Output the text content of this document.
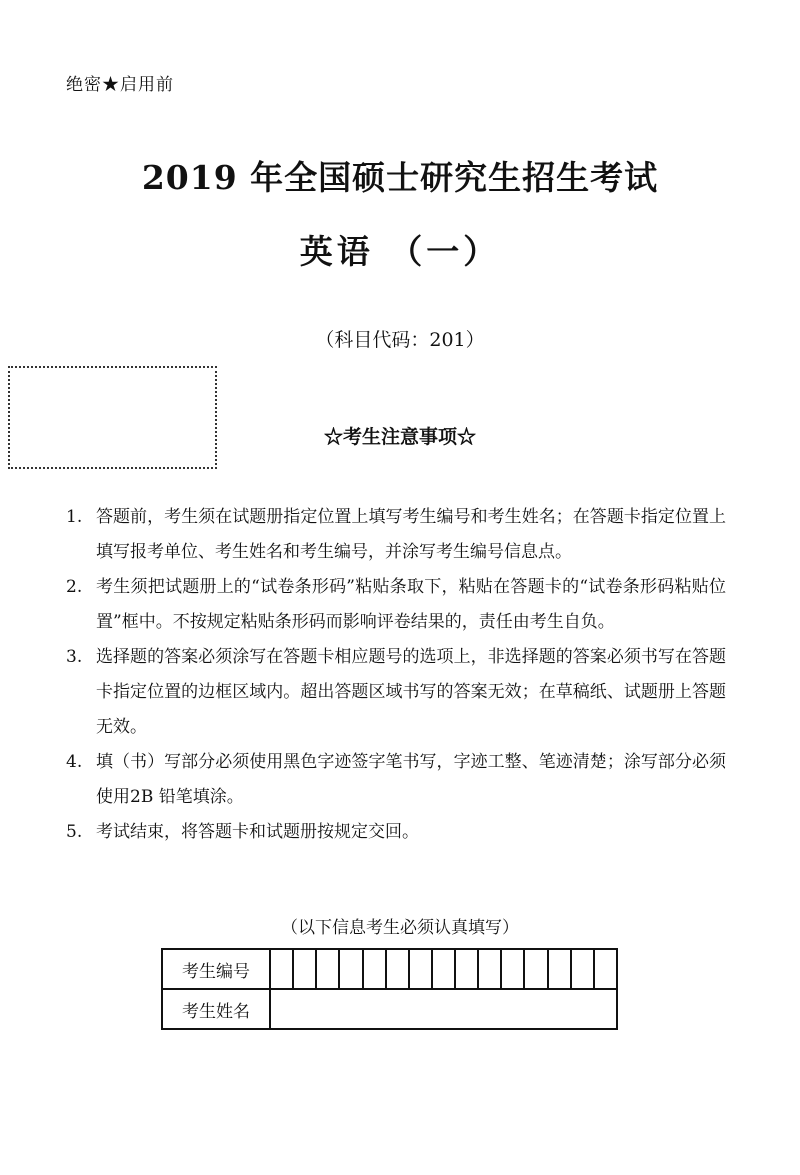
绝密★启用前
2019 年全国硕士研究生招生考试
英语 （一）
（科目代码：201）
☆考生注意事项☆
1. 答题前，考生须在试题册指定位置上填写考生编号和考生姓名；在答题卡指定位置上填写报考单位、考生姓名和考生编号，并涂写考生编号信息点。
2. 考生须把试题册上的“试卷条形码”粘贴条取下，粘贴在答题卡的“试卷条形码粘贴位置”框中。不按规定粘贴条形码而影响评卷结果的，责任由考生自负。
3. 选择题的答案必须涂写在答题卡相应题号的选项上，非选择题的答案必须书写在答题卡指定位置的边框区域内。超出答题区域书写的答案无效；在草稿纸、试题册上答题无效。
4. 填（书）写部分必须使用黑色字迹签字笔书写，字迹工整、笔迹清楚；涂写部分必须使用2B 铅笔填涂。
5. 考试结束，将答题卡和试题册按规定交回。
（以下信息考生必须认真填写）
考生编号															
考生姓名															
